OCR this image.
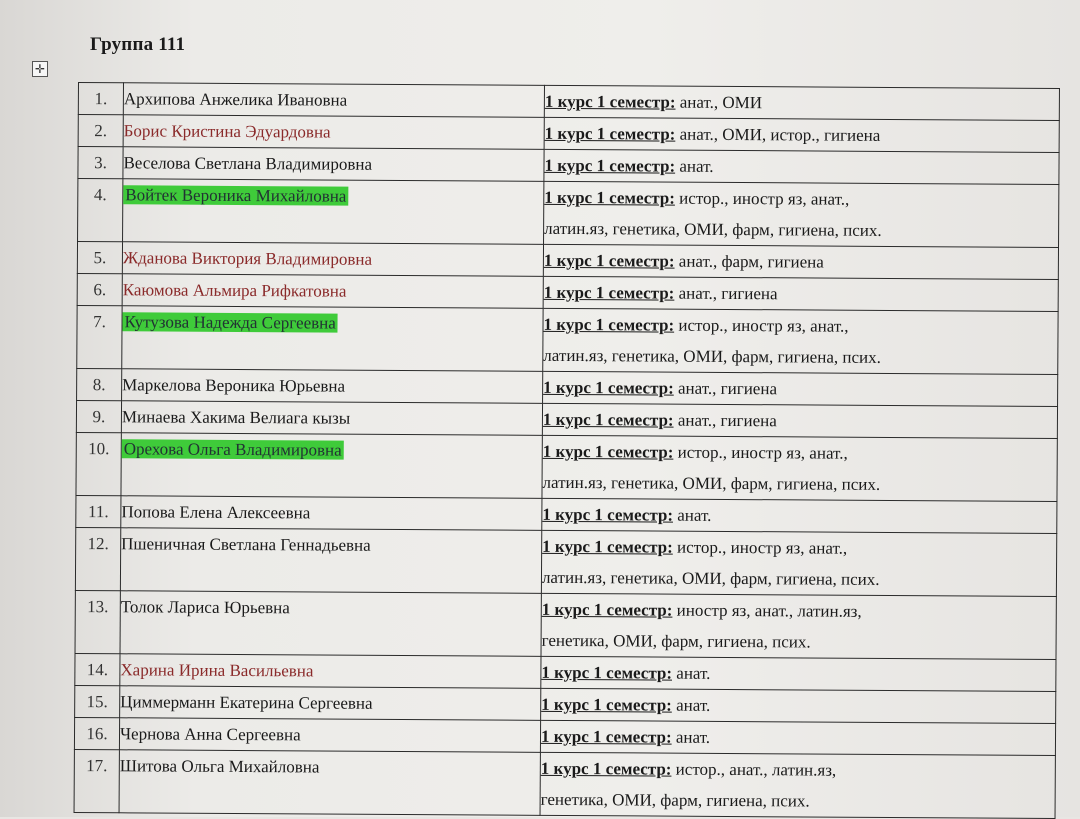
Группа 111
✛
1.	Архипова Анжелика Ивановна	1 курс 1 семестр: анат., ОМИ
2.	Борис Кристина Эдуардовна	1 курс 1 семестр: анат., ОМИ, истор., гигиена
3.	Веселова Светлана Владимировна	1 курс 1 семестр: анат.
4.	Войтек Вероника Михайловна	1 курс 1 семестр: истор., иностр яз, анат.,
латин.яз, генетика, ОМИ, фарм, гигиена, псих.
5.	Жданова Виктория Владимировна	1 курс 1 семестр: анат., фарм, гигиена
6.	Каюмова Альмира Рифкатовна	1 курс 1 семестр: анат., гигиена
7.	Кутузова Надежда Сергеевна	1 курс 1 семестр: истор., иностр яз, анат.,
латин.яз, генетика, ОМИ, фарм, гигиена, псих.
8.	Маркелова Вероника Юрьевна	1 курс 1 семестр: анат., гигиена
9.	Минаева Хакима Велиага кызы	1 курс 1 семестр: анат., гигиена
10.	Орехова Ольга Владимировна	1 курс 1 семестр: истор., иностр яз, анат.,
латин.яз, генетика, ОМИ, фарм, гигиена, псих.
11.	Попова Елена Алексеевна	1 курс 1 семестр: анат.
12.	Пшеничная Светлана Геннадьевна	1 курс 1 семестр: истор., иностр яз, анат.,
латин.яз, генетика, ОМИ, фарм, гигиена, псих.
13.	Толок Лариса Юрьевна	1 курс 1 семестр: иностр яз, анат., латин.яз,
генетика, ОМИ, фарм, гигиена, псих.
14.	Харина Ирина Васильевна	1 курс 1 семестр: анат.
15.	Циммерманн Екатерина Сергеевна	1 курс 1 семестр: анат.
16.	Чернова Анна Сергеевна	1 курс 1 семестр: анат.
17.	Шитова Ольга Михайловна	1 курс 1 семестр: истор., анат., латин.яз,
генетика, ОМИ, фарм, гигиена, псих.
